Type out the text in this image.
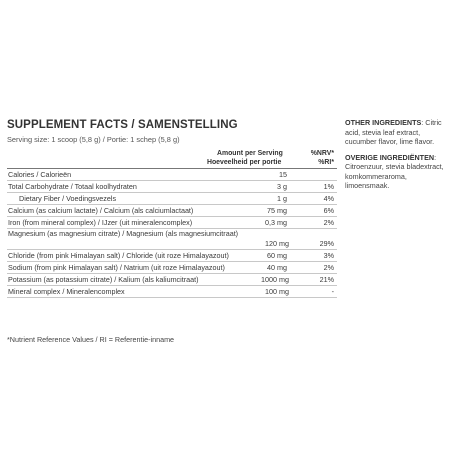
SUPPLEMENT FACTS / SAMENSTELLING
Serving size: 1 scoop (5,8 g) / Portie: 1 schep (5,8 g)
Amount per Serving
Hoeveelheid per portie
%NRV*
%RI*
Calories / Calorieën	15
Total Carbohydrate / Totaal koolhydraten	3 g	1%
Dietary Fiber / Voedingsvezels	1 g	4%
Calcium (as calcium lactate) / Calcium (als calciumlactaat)	75 mg	6%
Iron (from mineral complex) / IJzer (uit mineralencomplex)	0,3 mg	2%
Magnesium (as magnesium citrate) / Magnesium (als magnesiumcitraat)
120 mg	29%
Chloride (from pink Himalayan salt) / Chloride (uit roze Himalayazout)	60 mg	3%
Sodium (from pink Himalayan salt) / Natrium (uit roze Himalayazout)	40 mg	2%
Potassium (as potassium citrate) / Kalium (als kaliumcitraat)	1000 mg	21%
Mineral complex / Mineralencomplex	100 mg	-
*Nutrient Reference Values / RI = Referentie-inname

OTHER INGREDIENTS: Citric acid, stevia leaf extract, cucumber flavor, lime flavor.

OVERIGE INGREDIËNTEN: Citroenzuur, stevia bladextract, komkommeraroma, limoensmaak.
